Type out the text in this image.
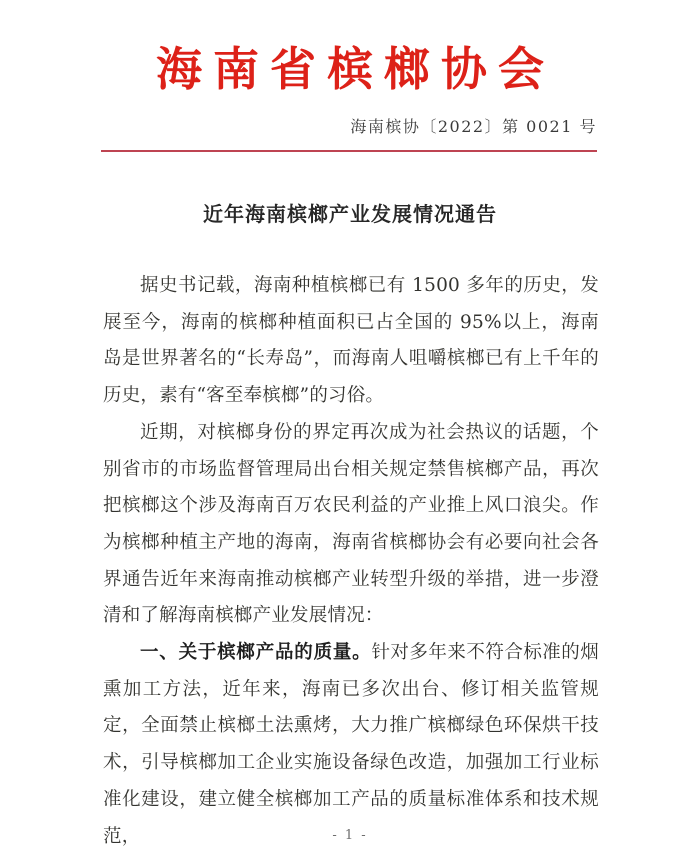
海南省槟榔协会
海南槟协〔2022〕第 0021 号
近年海南槟榔产业发展情况通告

据史书记载，海南种植槟榔已有 1500 多年的历史，发展至今，海南的槟榔种植面积已占全国的 95%以上，海南岛是世界著名的“长寿岛”，而海南人咀嚼槟榔已有上千年的历史，素有“客至奉槟榔”的习俗。

近期，对槟榔身份的界定再次成为社会热议的话题，个别省市的市场监督管理局出台相关规定禁售槟榔产品，再次把槟榔这个涉及海南百万农民利益的产业推上风口浪尖。作为槟榔种植主产地的海南，海南省槟榔协会有必要向社会各界通告近年来海南推动槟榔产业转型升级的举措，进一步澄清和了解海南槟榔产业发展情况：

一、关于槟榔产品的质量。针对多年来不符合标准的烟熏加工方法，近年来，海南已多次出台、修订相关监管规定，全面禁止槟榔土法熏烤，大力推广槟榔绿色环保烘干技术，引导槟榔加工企业实施设备绿色改造，加强加工行业标准化建设，建立健全槟榔加工产品的质量标准体系和技术规范，	- 1 -
